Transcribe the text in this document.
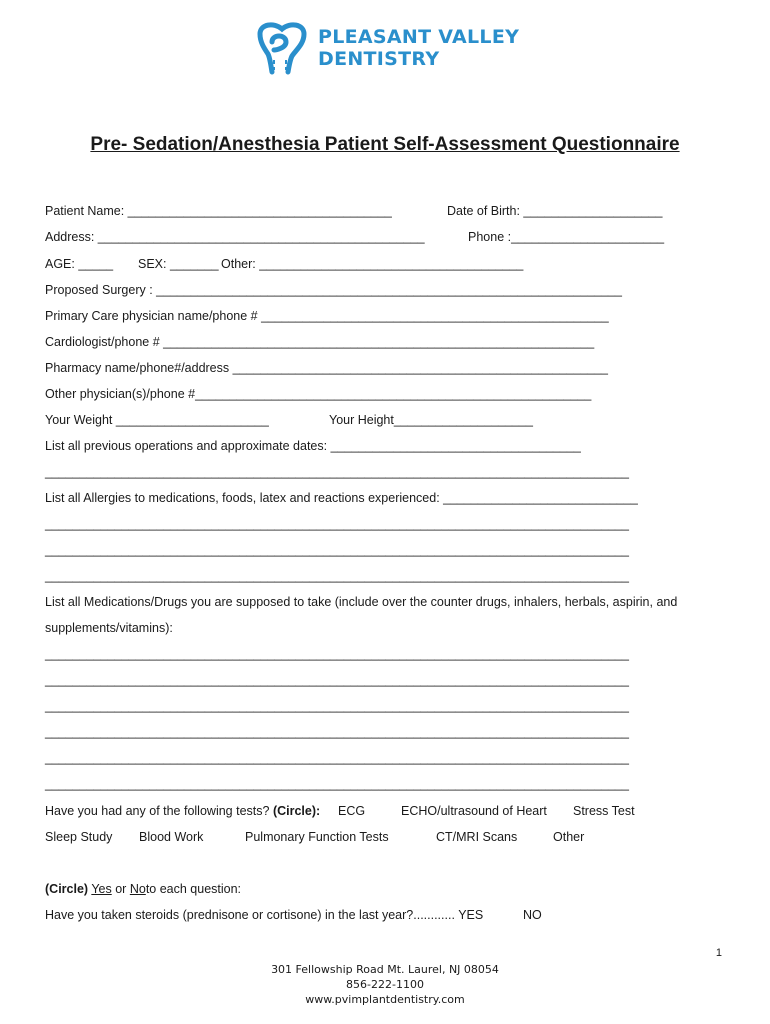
PLEASANT VALLEY
DENTISTRY
Pre- Sedation/Anesthesia Patient Self-Assessment Questionnaire
Patient Name: ______________________________________	Date of Birth: ____________________
Address: _______________________________________________	Phone :______________________
AGE: _____ SEX: _______ Other: ______________________________________
Proposed Surgery : ___________________________________________________________________
Primary Care physician name/phone # __________________________________________________
Cardiologist/phone # ______________________________________________________________
Pharmacy name/phone#/address ______________________________________________________
Other physician(s)/phone #_________________________________________________________
Your Weight ______________________	Your Height____________________
List all previous operations and approximate dates: ____________________________________
____________________________________________________________________________________
List all Allergies to medications, foods, latex and reactions experienced: ____________________________
____________________________________________________________________________________
____________________________________________________________________________________
____________________________________________________________________________________
List all Medications/Drugs you are supposed to take (include over the counter drugs, inhalers, herbals, aspirin, and
supplements/vitamins):
____________________________________________________________________________________
____________________________________________________________________________________
____________________________________________________________________________________
____________________________________________________________________________________
____________________________________________________________________________________
____________________________________________________________________________________
Have you had any of the following tests? (Circle): ECG	ECHO/ultrasound of Heart Stress Test
Sleep Study Blood Work	Pulmonary Function Tests	CT/MRI Scans	Other
(Circle) Yes or Noto each question:
Have you taken steroids (prednisone or cortisone) in the last year?............ YES	NO
1
301 Fellowship Road Mt. Laurel, NJ 08054
856-222-1100
www.pvimplantdentistry.com
